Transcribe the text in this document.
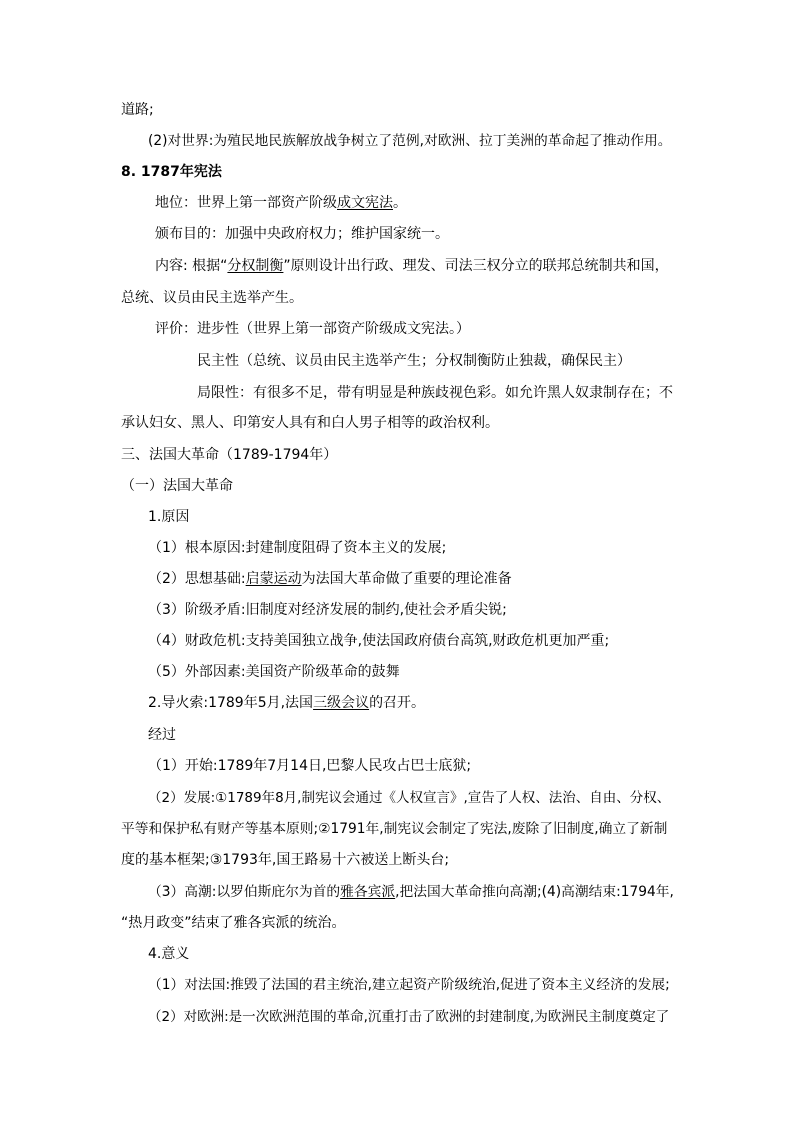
道路;
(2)对世界:为殖民地民族解放战争树立了范例,对欧洲、拉丁美洲的革命起了推动作用。
8. 1787年宪法
地位：世界上第一部资产阶级成文宪法。
颁布目的：加强中央政府权力；维护国家统一。
内容: 根据“分权制衡”原则设计出行政、理发、司法三权分立的联邦总统制共和国，
总统、议员由民主选举产生。
评价：进步性（世界上第一部资产阶级成文宪法。）
民主性（总统、议员由民主选举产生；分权制衡防止独裁，确保民主）
局限性：有很多不足，带有明显是种族歧视色彩。如允许黑人奴隶制存在；不
承认妇女、黑人、印第安人具有和白人男子相等的政治权利。
三、法国大革命（1789-1794年）
（一）法国大革命
1.原因
（1）根本原因:封建制度阻碍了资本主义的发展;
（2）思想基础:启蒙运动为法国大革命做了重要的理论准备
（3）阶级矛盾:旧制度对经济发展的制约,使社会矛盾尖锐;
（4）财政危机:支持美国独立战争,使法国政府债台高筑,财政危机更加严重;
（5）外部因素:美国资产阶级革命的鼓舞
2.导火索:1789年5月,法国三级会议的召开。
经过
（1）开始:1789年7月14日,巴黎人民攻占巴士底狱;
（2）发展:①1789年8月,制宪议会通过《人权宣言》,宣告了人权、法治、自由、分权、
平等和保护私有财产等基本原则;②1791年,制宪议会制定了宪法,废除了旧制度,确立了新制
度的基本框架;③1793年,国王路易十六被送上断头台;
（3）高潮:以罗伯斯庇尔为首的雅各宾派,把法国大革命推向高潮;(4)高潮结束:1794年,
“热月政变”结束了雅各宾派的统治。
4.意义
（1）对法国:推毁了法国的君主统治,建立起资产阶级统治,促进了资本主义经济的发展;
（2）对欧洲:是一次欧洲范围的革命,沉重打击了欧洲的封建制度,为欧洲民主制度奠定了
